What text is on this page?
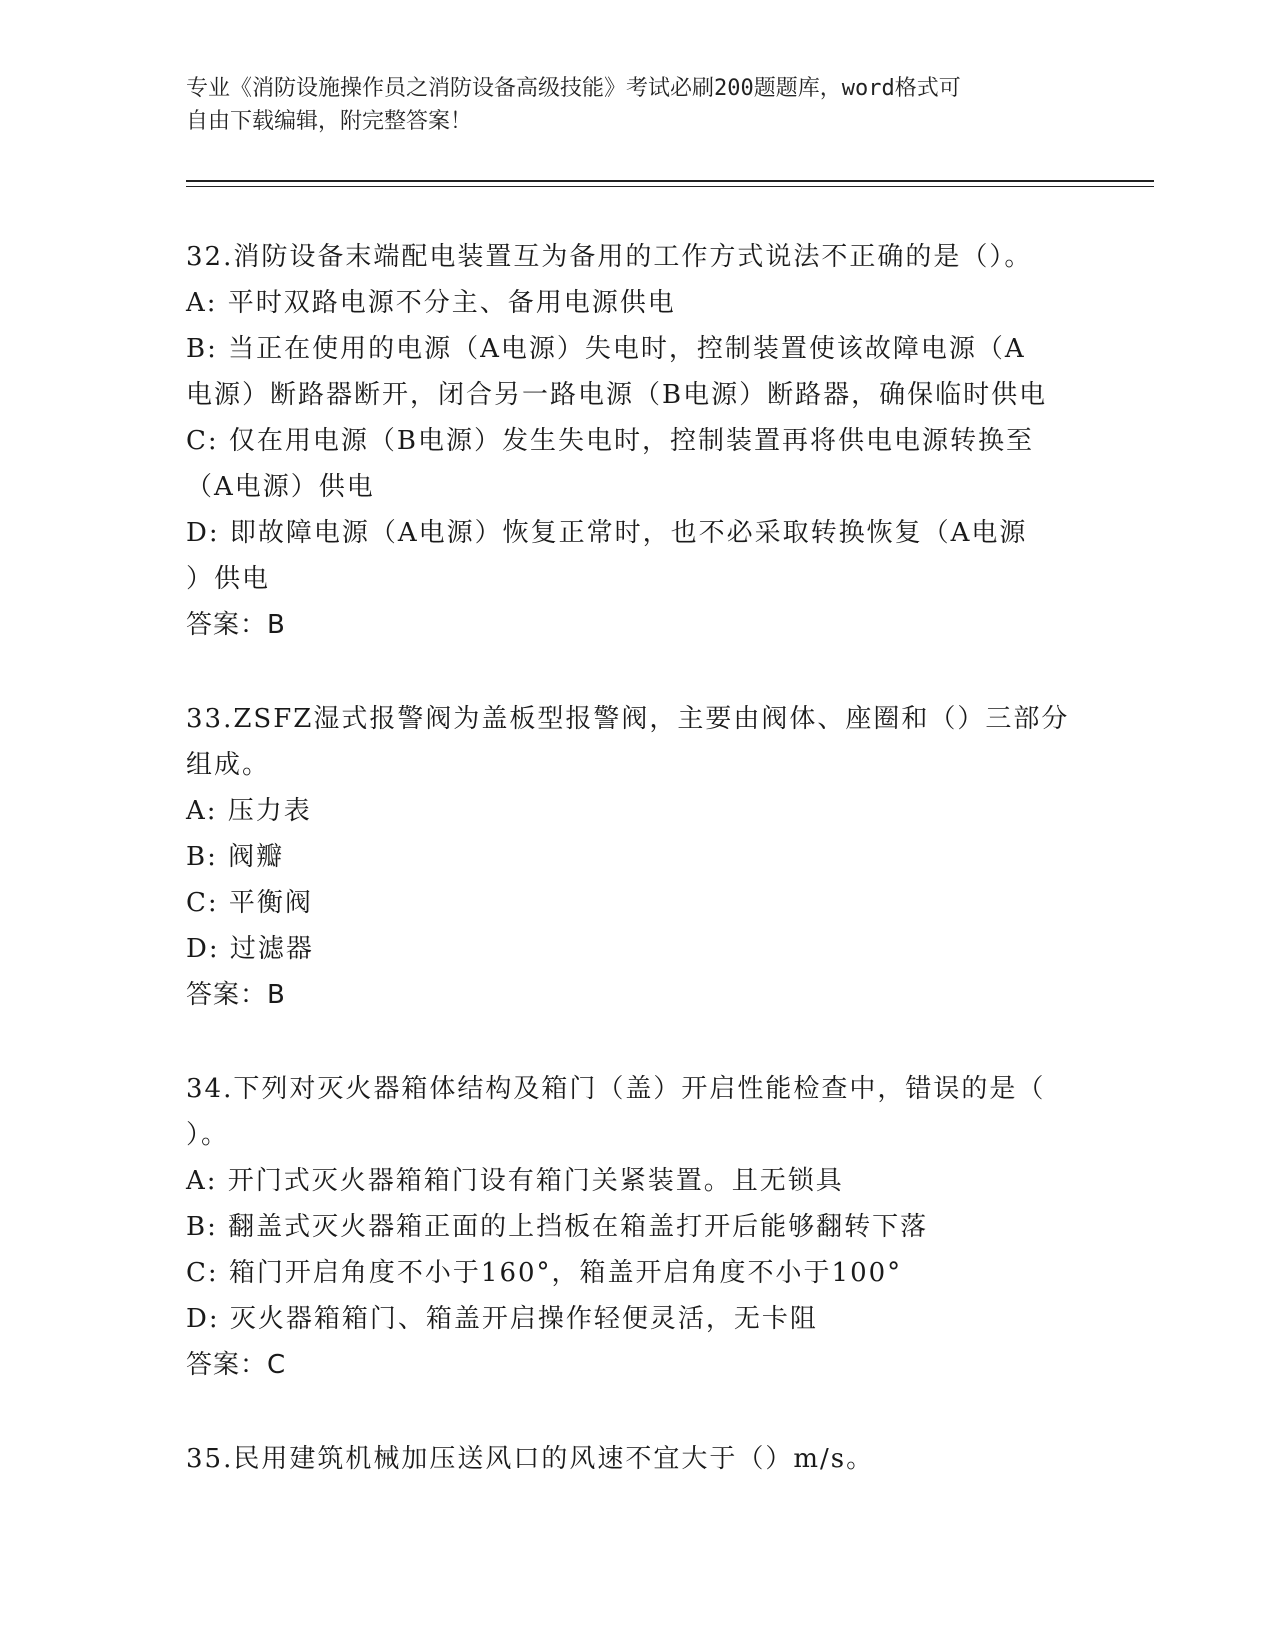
专业《消防设施操作员之消防设备高级技能》考试必刷200题题库，word格式可
自由下载编辑，附完整答案！
32.消防设备末端配电装置互为备用的工作方式说法不正确的是（）。
A: 平时双路电源不分主、备用电源供电
B: 当正在使用的电源（A电源）失电时，控制装置使该故障电源（A
电源）断路器断开，闭合另一路电源（B电源）断路器，确保临时供电
C: 仅在用电源（B电源）发生失电时，控制装置再将供电电源转换至
（A电源）供电
D: 即故障电源（A电源）恢复正常时，也不必采取转换恢复（A电源
）供电
答案：B
33.ZSFZ湿式报警阀为盖板型报警阀，主要由阀体、座圈和（）三部分
组成。
A: 压力表
B: 阀瓣
C: 平衡阀
D: 过滤器
答案：B
34.下列对灭火器箱体结构及箱门（盖）开启性能检查中，错误的是（
）。
A: 开门式灭火器箱箱门设有箱门关紧装置。且无锁具
B: 翻盖式灭火器箱正面的上挡板在箱盖打开后能够翻转下落
C: 箱门开启角度不小于160°，箱盖开启角度不小于100°
D: 灭火器箱箱门、箱盖开启操作轻便灵活，无卡阻
答案：C
35.民用建筑机械加压送风口的风速不宜大于（）m/s。
